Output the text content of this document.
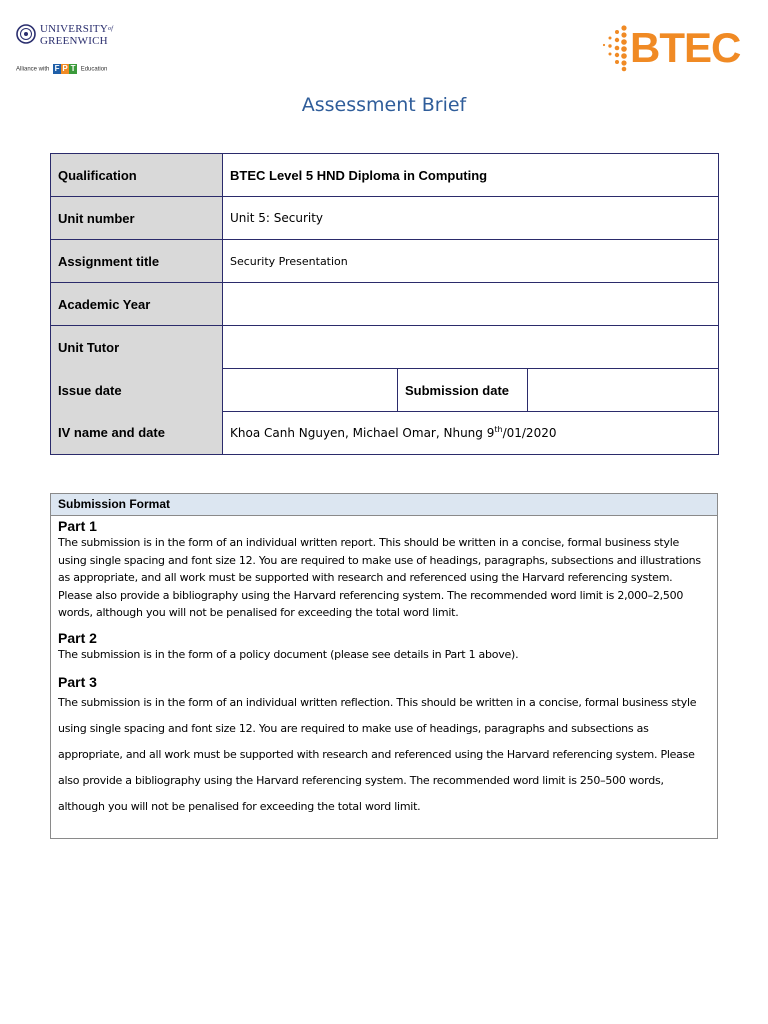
$UNIVERSITY^{of}$
GREENWICH
Alliance with F P T Education	BTEC
Assessment Brief
Qualification	BTEC Level 5 HND Diploma in Computing		
Unit number	Unit 5: Security		
Assignment title	Security Presentation		
Academic Year			
Unit Tutor			
Issue date		Submission date	
IV name and date	Khoa Canh Nguyen, Michael Omar, Nhung 9th/01/2020		
Submission Format

Part 1

The submission is in the form of an individual written report. This should be written in a concise, formal business style using single spacing and font size 12. You are required to make use of headings, paragraphs, subsections and illustrations as appropriate, and all work must be supported with research and referenced using the Harvard referencing system. Please also provide a bibliography using the Harvard referencing system. The recommended word limit is 2,000–2,500 words, although you will not be penalised for exceeding the total word limit.

Part 2

The submission is in the form of a policy document (please see details in Part 1 above).

Part 3

The submission is in the form of an individual written reflection. This should be written in a concise, formal business style using single spacing and font size 12. You are required to make use of headings, paragraphs and subsections as appropriate, and all work must be supported with research and referenced using the Harvard referencing system. Please also provide a bibliography using the Harvard referencing system. The recommended word limit is 250–500 words, although you will not be penalised for exceeding the total word limit.
